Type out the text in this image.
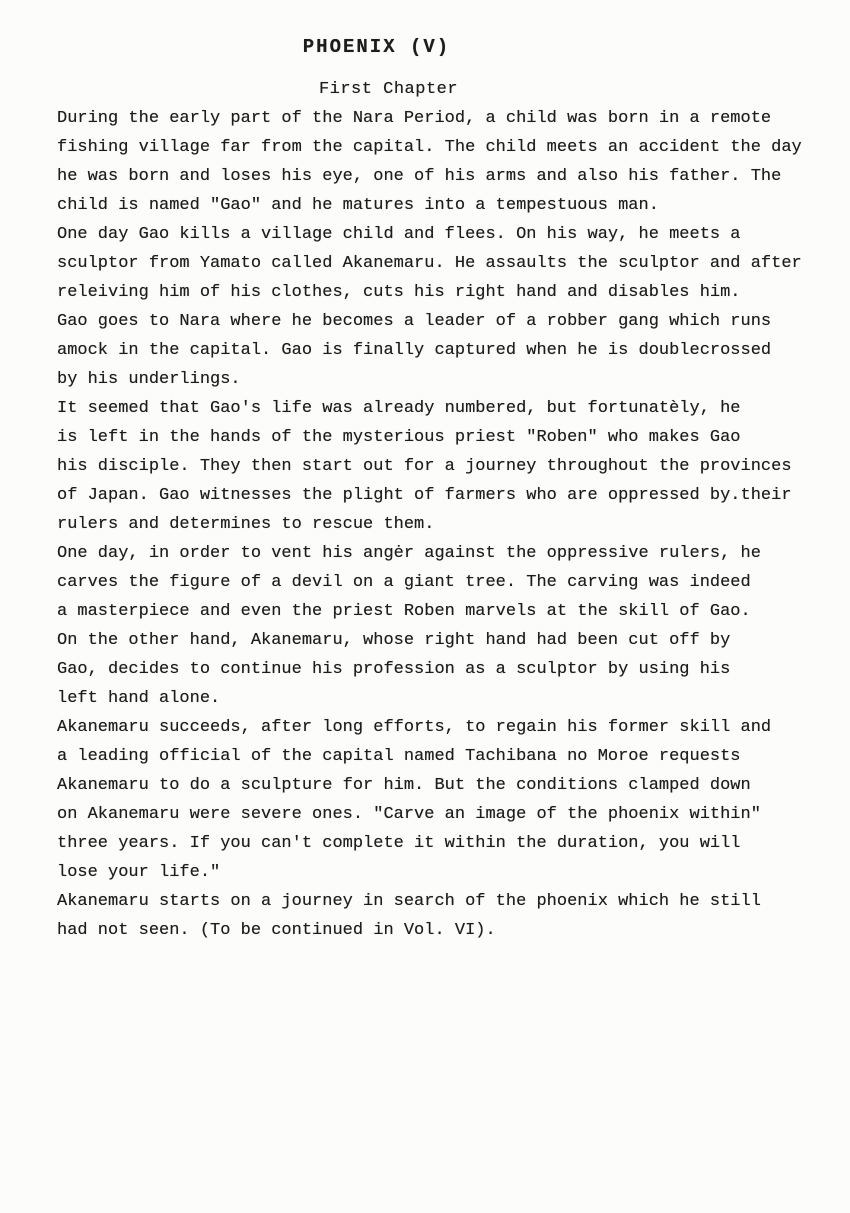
PHOENIX (V)
First Chapter
During the early part of the Nara Period, a child was born in a remote
fishing village far from the capital. The child meets an accident the day
he was born and loses his eye, one of his arms and also his father. The
child is named "Gao" and he matures into a tempestuous man.
One day Gao kills a village child and flees. On his way, he meets a
sculptor from Yamato called Akanemaru. He assaults the sculptor and after
releiving him of his clothes, cuts his right hand and disables him.
Gao goes to Nara where he becomes a leader of a robber gang which runs
amock in the capital. Gao is finally captured when he is doublecrossed
by his underlings.
It seemed that Gao's life was already numbered, but fortunatèly, he
is left in the hands of the mysterious priest "Roben" who makes Gao
his disciple. They then start out for a journey throughout the provinces
of Japan. Gao witnesses the plight of farmers who are oppressed by.their
rulers and determines to rescue them.
One day, in order to vent his angėr against the oppressive rulers, he
carves the figure of a devil on a giant tree. The carving was indeed
a masterpiece and even the priest Roben marvels at the skill of Gao.
On the other hand, Akanemaru, whose right hand had been cut off by
Gao, decides to continue his profession as a sculptor by using his
left hand alone.
Akanemaru succeeds, after long efforts, to regain his former skill and
a leading official of the capital named Tachibana no Moroe requests
Akanemaru to do a sculpture for him. But the conditions clamped down
on Akanemaru were severe ones. "Carve an image of the phoenix within"
three years. If you can't complete it within the duration, you will
lose your life."
Akanemaru starts on a journey in search of the phoenix which he still
had not seen. (To be continued in Vol. VI).
